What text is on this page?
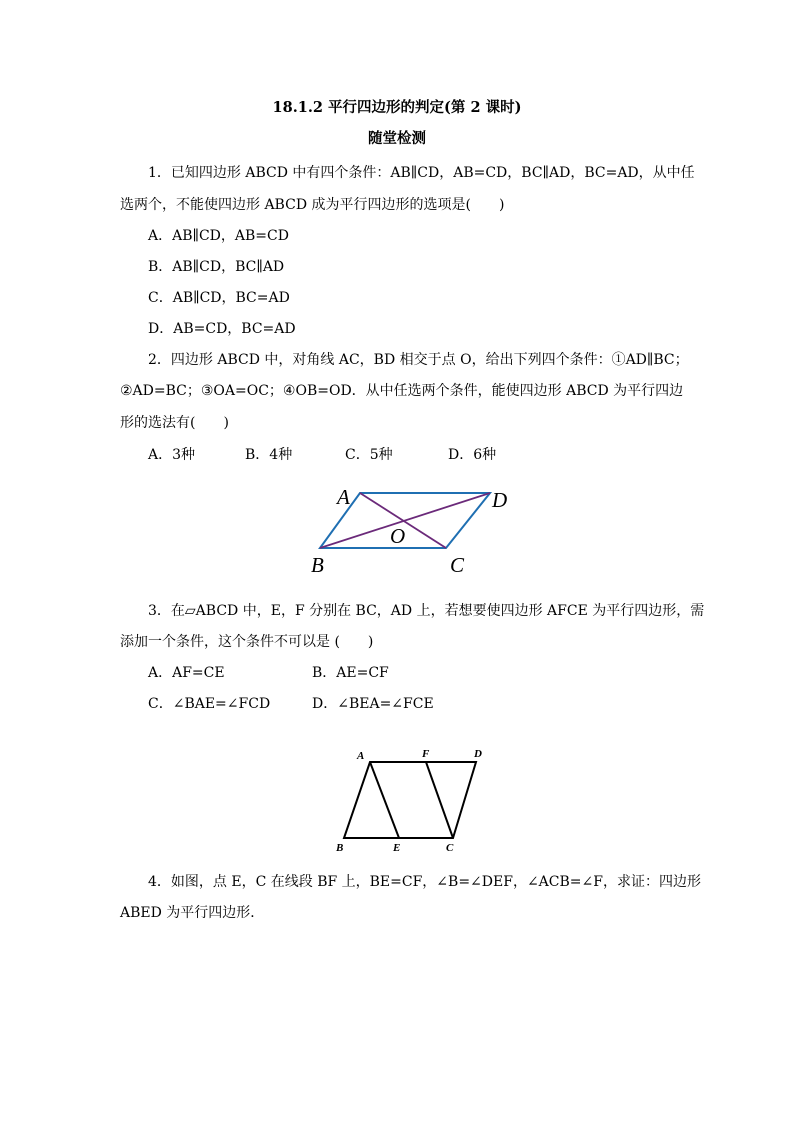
18.1.2 平行四边形的判定(第 2 课时)
随堂检测
1．已知四边形 ABCD 中有四个条件：AB∥CD，AB=CD，BC∥AD，BC=AD，从中任
选两个，不能使四边形 ABCD 成为平行四边形的选项是(　　)
A．AB∥CD，AB=CD
B．AB∥CD，BC∥AD
C．AB∥CD，BC=AD
D．AB=CD，BC=AD
2．四边形 ABCD 中，对角线 AC，BD 相交于点 O，给出下列四个条件：①AD∥BC；
②AD=BC；③OA=OC；④OB=OD．从中任选两个条件，能使四边形 ABCD 为平行四边
形的选法有(　　)
A．3种	B．4种	C．5种	D．6种
A	D
O
B	C
3．在▱ABCD 中，E，F 分别在 BC，AD 上，若想要使四边形 AFCE 为平行四边形，需
添加一个条件，这个条件不可以是 (　　)
A．AF=CE	B．AE=CF
C．∠BAE=∠FCD	D．∠BEA=∠FCE
A	F	D
B	E	C
4．如图，点 E，C 在线段 BF 上，BE=CF，∠B=∠DEF，∠ACB=∠F，求证：四边形
ABED 为平行四边形．
